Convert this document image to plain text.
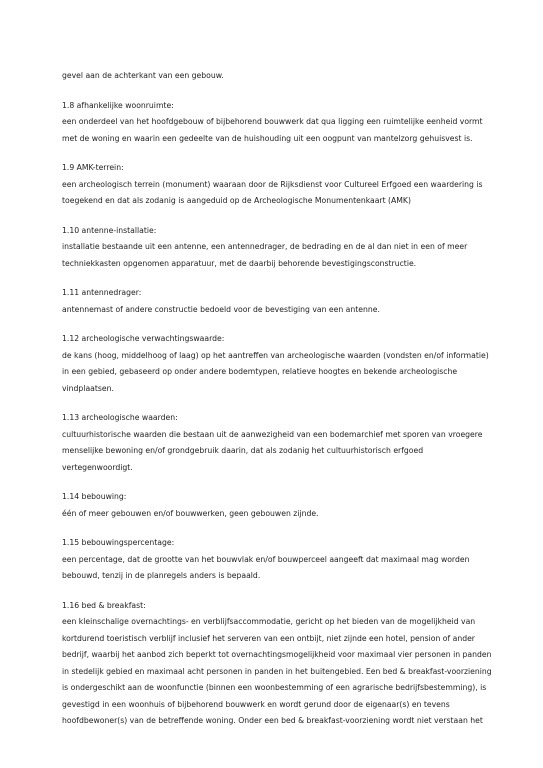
gevel aan de achterkant van een gebouw.

1.8 afhankelijke woonruimte:

een onderdeel van het hoofdgebouw of bijbehorend bouwwerk dat qua ligging een ruimtelijke eenheid vormt met de woning en waarin een gedeelte van de huishouding uit een oogpunt van mantelzorg gehuisvest is.

1.9 AMK-terrein:

een archeologisch terrein (monument) waaraan door de Rijksdienst voor Cultureel Erfgoed een waardering is toegekend en dat als zodanig is aangeduid op de Archeologische Monumentenkaart (AMK)

1.10 antenne-installatie:

installatie bestaande uit een antenne, een antennedrager, de bedrading en de al dan niet in een of meer techniekkasten opgenomen apparatuur, met de daarbij behorende bevestigingsconstructie.

1.11 antennedrager:

antennemast of andere constructie bedoeld voor de bevestiging van een antenne.

1.12 archeologische verwachtingswaarde:

de kans (hoog, middelhoog of laag) op het aantreffen van archeologische waarden (vondsten en/of informatie) in een gebied, gebaseerd op onder andere bodemtypen, relatieve hoogtes en bekende archeologische vindplaatsen.

1.13 archeologische waarden:

cultuurhistorische waarden die bestaan uit de aanwezigheid van een bodemarchief met sporen van vroegere menselijke bewoning en/of grondgebruik daarin, dat als zodanig het cultuurhistorisch erfgoed vertegenwoordigt.

1.14 bebouwing:

één of meer gebouwen en/of bouwwerken, geen gebouwen zijnde.

1.15 bebouwingspercentage:

een percentage, dat de grootte van het bouwvlak en/of bouwperceel aangeeft dat maximaal mag worden bebouwd, tenzij in de planregels anders is bepaald.

1.16 bed & breakfast:

een kleinschalige overnachtings- en verblijfsaccommodatie, gericht op het bieden van de mogelijkheid van kortdurend toeristisch verblijf inclusief het serveren van een ontbijt, niet zijnde een hotel, pension of ander bedrijf, waarbij het aanbod zich beperkt tot overnachtingsmogelijkheid voor maximaal vier personen in panden in stedelijk gebied en maximaal acht personen in panden in het buitengebied. Een bed & breakfast-voorziening is ondergeschikt aan de woonfunctie (binnen een woonbestemming of een agrarische bedrijfsbestemming), is gevestigd in een woonhuis of bijbehorend bouwwerk en wordt gerund door de eigenaar(s) en tevens hoofdbewoner(s) van de betreffende woning. Onder een bed & breakfast-voorziening wordt niet verstaan het
